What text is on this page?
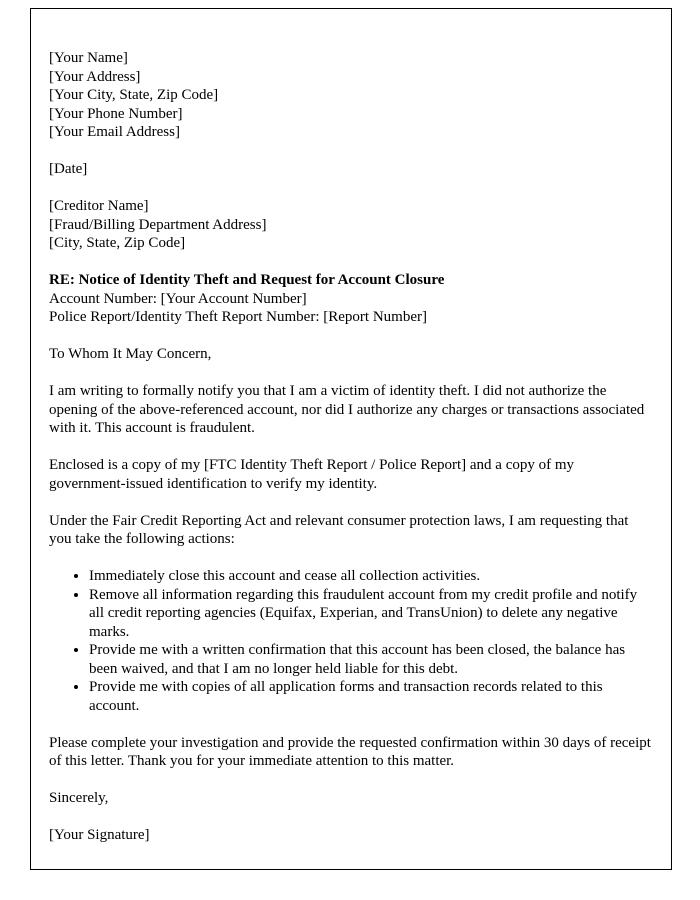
[Your Name]

[Your Address]

[Your City, State, Zip Code]

[Your Phone Number]

[Your Email Address]

[Date]

[Creditor Name]

[Fraud/Billing Department Address]

[City, State, Zip Code]

RE: Notice of Identity Theft and Request for Account Closure

Account Number: [Your Account Number]

Police Report/Identity Theft Report Number: [Report Number]

To Whom It May Concern,

I am writing to formally notify you that I am a victim of identity theft. I did not authorize the opening of the above-referenced account, nor did I authorize any charges or transactions associated with it. This account is fraudulent.

Enclosed is a copy of my [FTC Identity Theft Report / Police Report] and a copy of my government-issued identification to verify my identity.

Under the Fair Credit Reporting Act and relevant consumer protection laws, I am requesting that you take the following actions:

• Immediately close this account and cease all collection activities.
• Remove all information regarding this fraudulent account from my credit profile and notify all credit reporting agencies (Equifax, Experian, and TransUnion) to delete any negative marks.
• Provide me with a written confirmation that this account has been closed, the balance has been waived, and that I am no longer held liable for this debt.
• Provide me with copies of all application forms and transaction records related to this account.

Please complete your investigation and provide the requested confirmation within 30 days of receipt of this letter. Thank you for your immediate attention to this matter.

Sincerely,

[Your Signature]
